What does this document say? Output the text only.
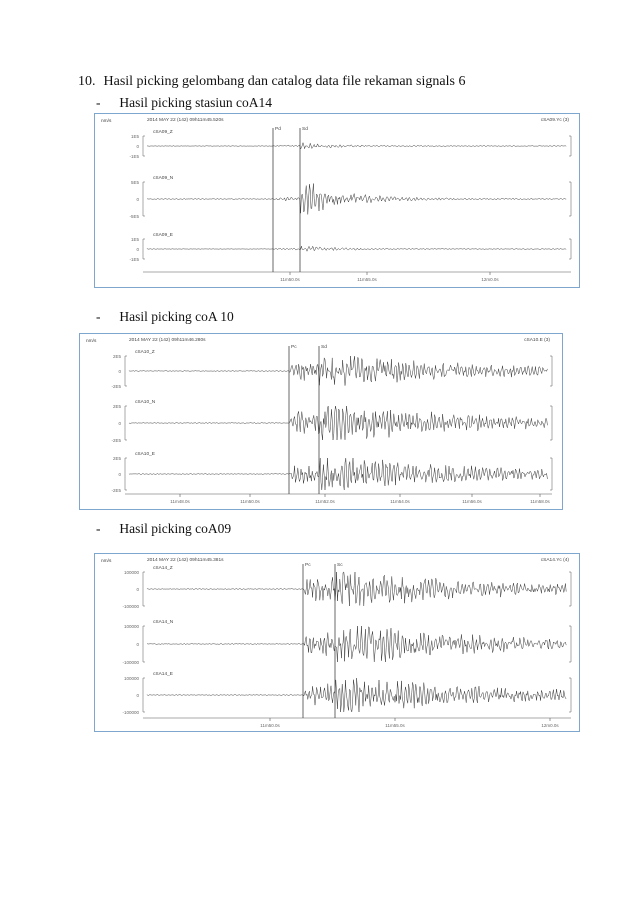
10. Hasil picking gelombang dan catalog data file rekaman signals 6
- Hasil picking stasiun coA14
nm/s	2014 MAY 22 (142) 09h11m45.520s	cSA09.Yc (3)
Pd	Sd
cSA09_Z
1E5
0
-1E5
cSA09_N
5E5
0
-5E5
cSA09_E
1E5
0
-1E5
11m50.0s	11m55.0s	12m0.0s
- Hasil picking coA 10
nm/s	2014 MAY 22 (142) 09h11m46.280s	cSA10.E (3)
Pc	Sd
cSA10_Z
2E5
0
-2E5
cSA10_N
2E5
0
-2E5
cSA10_E
2E5
0
-2E5
11m48.0s	11m50.0s	11m52.0s	11m54.0s	11m56.0s	11m58.0s
- Hasil picking coA09
nm/s	2014 MAY 22 (142) 09h11m45.381s	cSA14.Yc (4)
Pc	Sc
cSA14_Z
100000
0
-100000
cSA14_N
100000
0
-100000
cSA14_E
100000
0
-100000
11m50.0s	11m55.0s	12m0.0s
